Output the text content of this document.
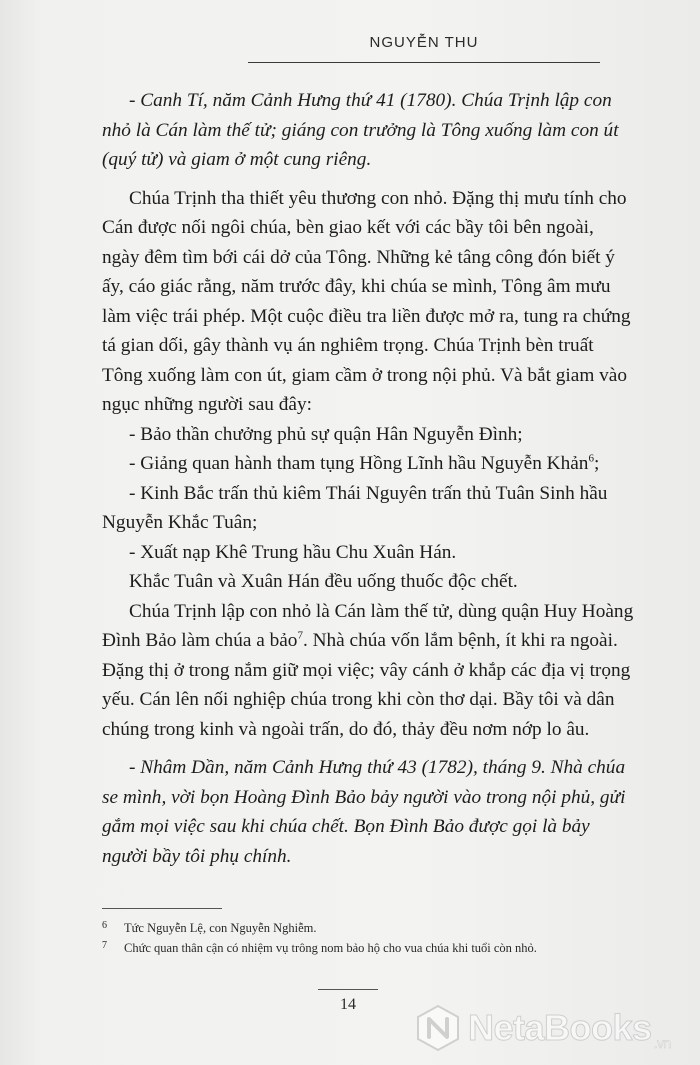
NGUYỄN THU

- Canh Tí, năm Cảnh Hưng thứ 41 (1780). Chúa Trịnh lập con nhỏ là Cán làm thế tử; giáng con trưởng là Tông xuống làm con út (quý tử) và giam ở một cung riêng.

Chúa Trịnh tha thiết yêu thương con nhỏ. Đặng thị mưu tính cho Cán được nối ngôi chúa, bèn giao kết với các bầy tôi bên ngoài, ngày đêm tìm bới cái dở của Tông. Những kẻ tâng công đón biết ý ấy, cáo giác rằng, năm trước đây, khi chúa se mình, Tông âm mưu làm việc trái phép. Một cuộc điều tra liền được mở ra, tung ra chứng tá gian dối, gây thành vụ án nghiêm trọng. Chúa Trịnh bèn truất Tông xuống làm con út, giam cầm ở trong nội phủ. Và bắt giam vào ngục những người sau đây:

- Bảo thần chưởng phủ sự quận Hân Nguyễn Đình;

- Giảng quan hành tham tụng Hồng Lĩnh hầu Nguyễn Khản$^6$;

- Kinh Bắc trấn thủ kiêm Thái Nguyên trấn thủ Tuân Sinh hầu Nguyễn Khắc Tuân;

- Xuất nạp Khê Trung hầu Chu Xuân Hán.

Khắc Tuân và Xuân Hán đều uống thuốc độc chết.

Chúa Trịnh lập con nhỏ là Cán làm thế tử, dùng quận Huy Hoàng Đình Bảo làm chúa a bảo$^7$. Nhà chúa vốn lắm bệnh, ít khi ra ngoài. Đặng thị ở trong nắm giữ mọi việc; vây cánh ở khắp các địa vị trọng yếu. Cán lên nối nghiệp chúa trong khi còn thơ dại. Bầy tôi và dân chúng trong kinh và ngoài trấn, do đó, thảy đều nơm nớp lo âu.

- Nhâm Dần, năm Cảnh Hưng thứ 43 (1782), tháng 9. Nhà chúa se mình, vời bọn Hoàng Đình Bảo bảy người vào trong nội phủ, gửi gắm mọi việc sau khi chúa chết. Bọn Đình Bảo được gọi là bảy người bầy tôi phụ chính.

6	Tức Nguyễn Lệ, con Nguyễn Nghiễm.
7	Chức quan thân cận có nhiệm vụ trông nom bảo hộ cho vua chúa khi tuổi còn nhỏ.
14
NetaBooks $_{.vn}$
